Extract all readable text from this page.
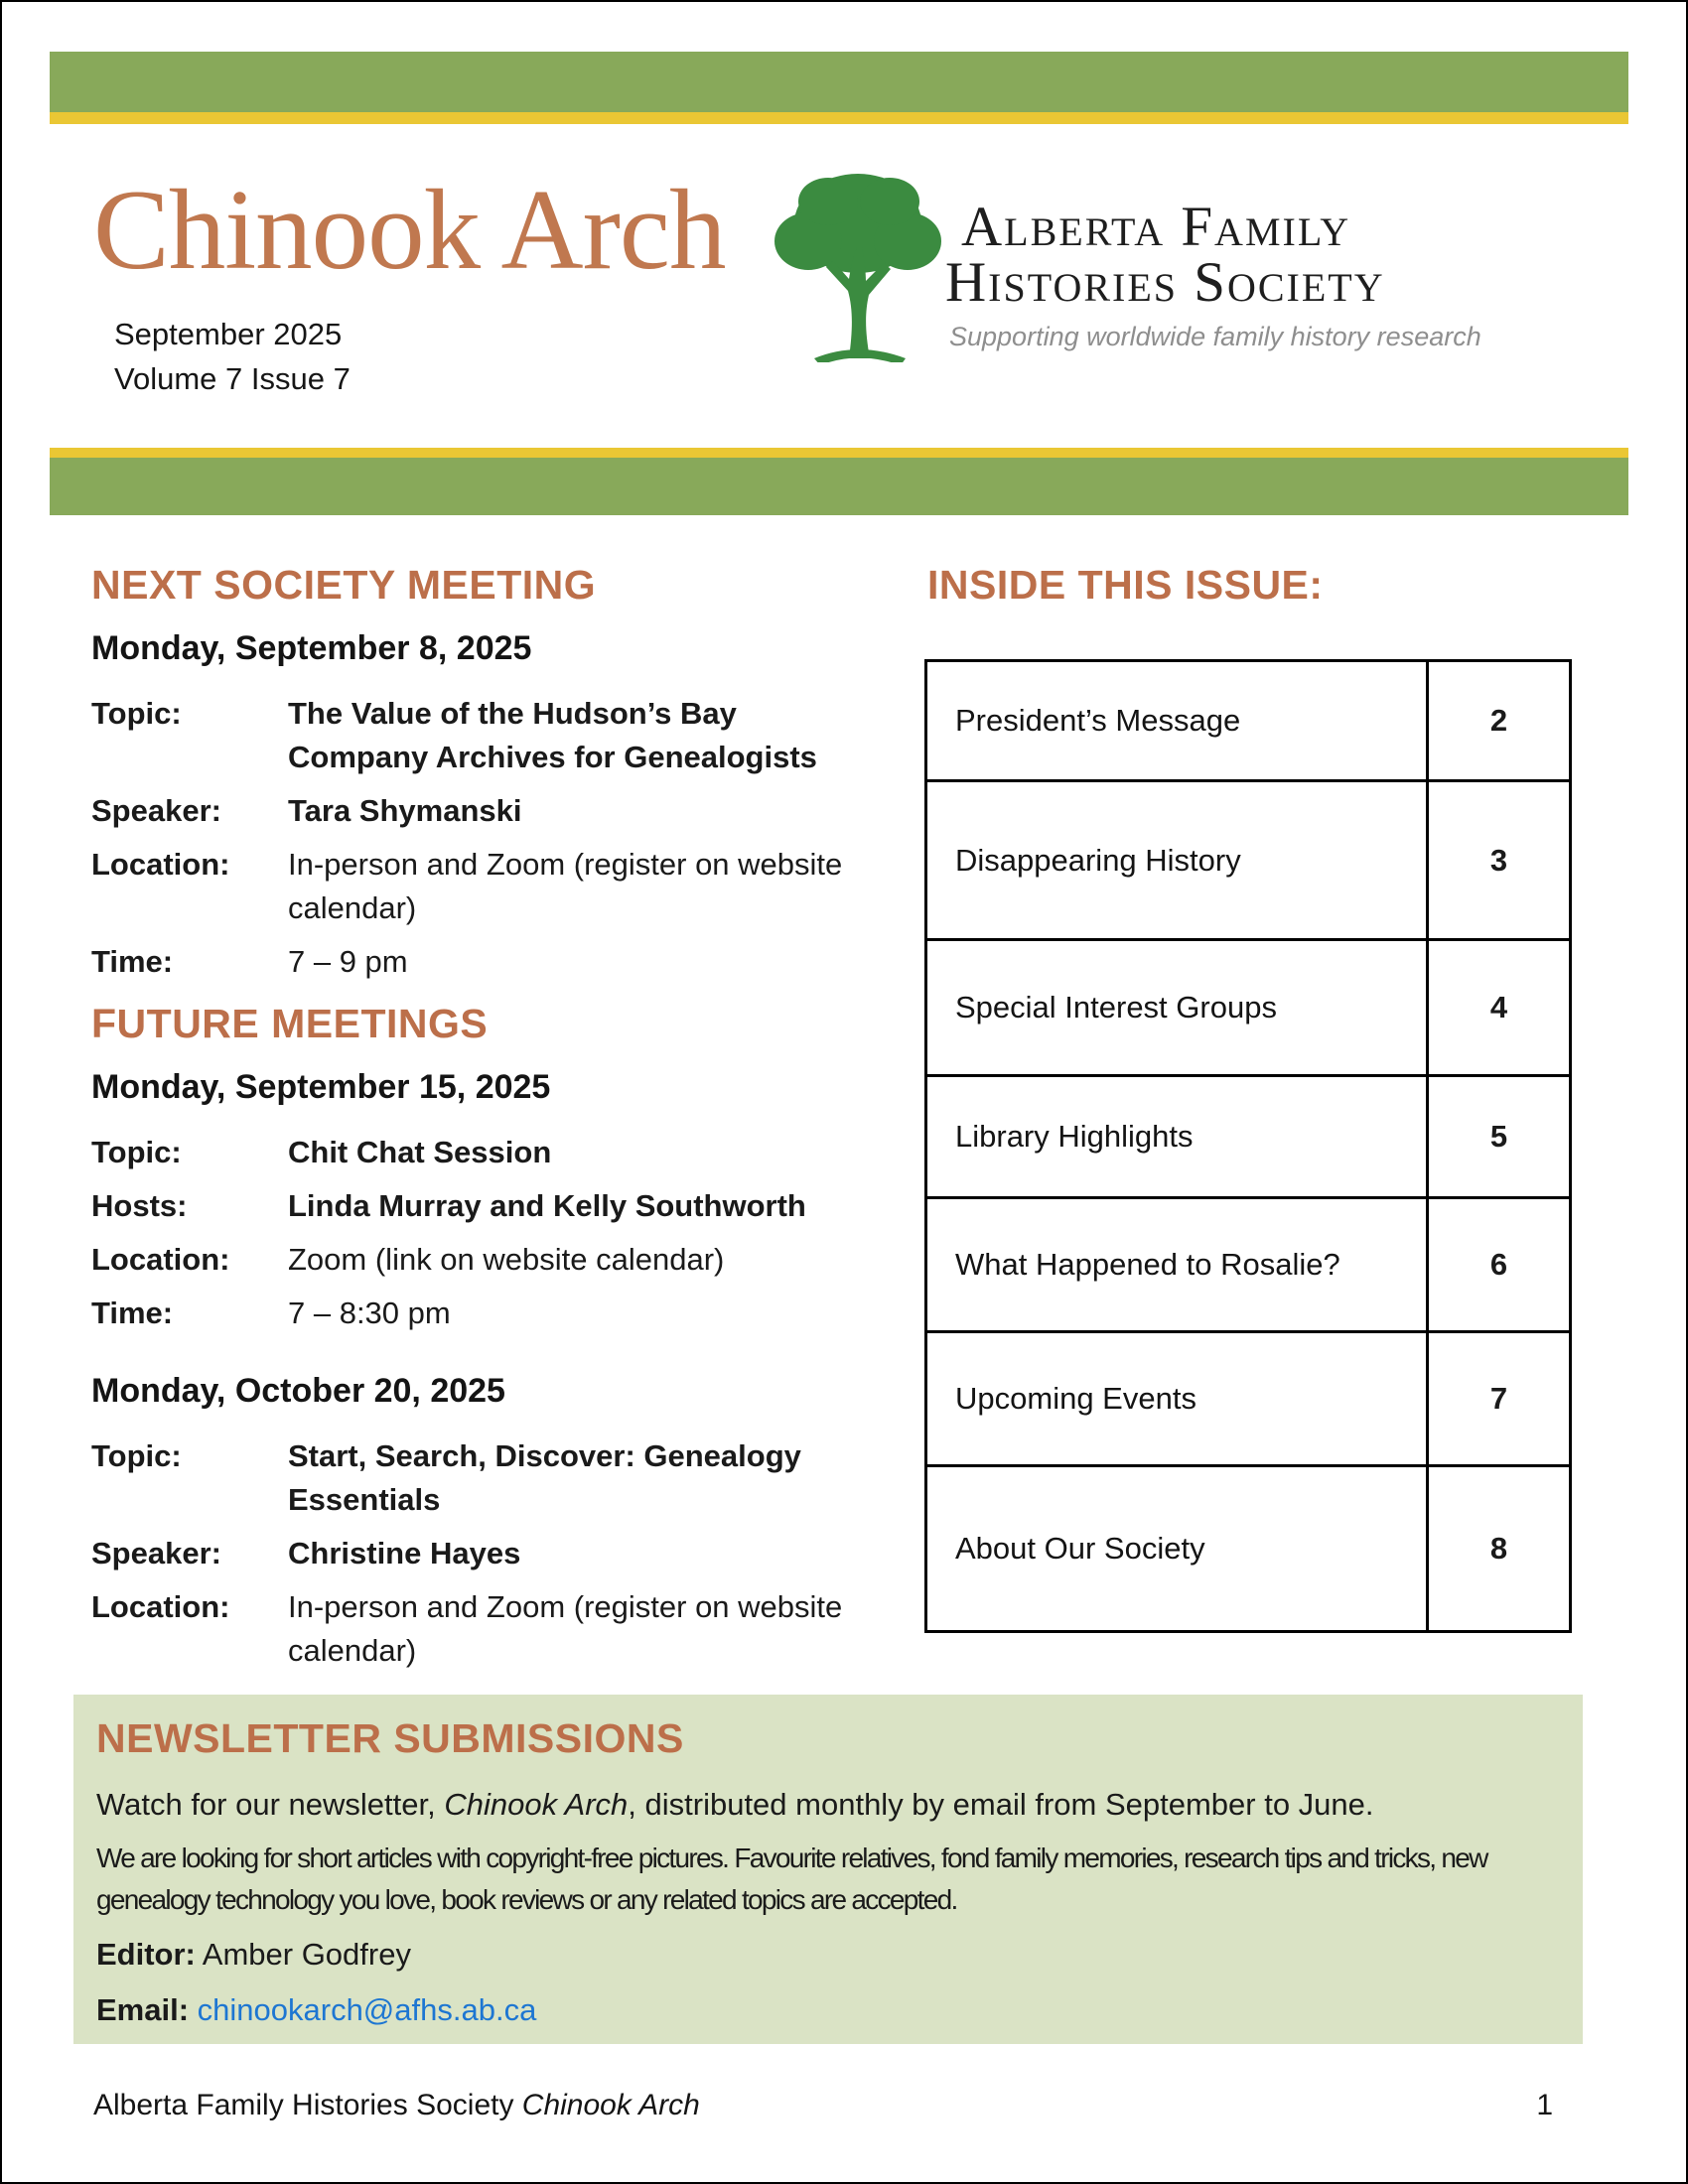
Chinook Arch
September 2025
Volume 7 Issue 7
Alberta Family
Histories Society
Supporting worldwide family history research
NEXT SOCIETY MEETING
Monday, September 8, 2025
Topic:	The Value of the Hudson’s Bay Company Archives for Genealogists
Speaker:	Tara Shymanski
Location:	In-person and Zoom (register on website calendar)
Time:	7 – 9 pm
FUTURE MEETINGS
Monday, September 15, 2025
Topic:	Chit Chat Session
Hosts:	Linda Murray and Kelly Southworth
Location:	Zoom (link on website calendar)
Time:	7 – 8:30 pm
Monday, October 20, 2025
Topic:	Start, Search, Discover: Genealogy Essentials
Speaker:	Christine Hayes
Location:	In-person and Zoom (register on website calendar)
INSIDE THIS ISSUE:
President’s Message	2
Disappearing History	3
Special Interest Groups	4
Library Highlights	5
What Happened to Rosalie?	6
Upcoming Events	7
About Our Society	8
NEWSLETTER SUBMISSIONS

Watch for our newsletter, Chinook Arch, distributed monthly by email from September to June.

We are looking for short articles with copyright-free pictures. Favourite relatives, fond family memories, research tips and tricks, new genealogy technology you love, book reviews or any related topics are accepted.

Editor: Amber Godfrey
Email: chinookarch@afhs.ab.ca
Alberta Family Histories Society Chinook Arch	1
